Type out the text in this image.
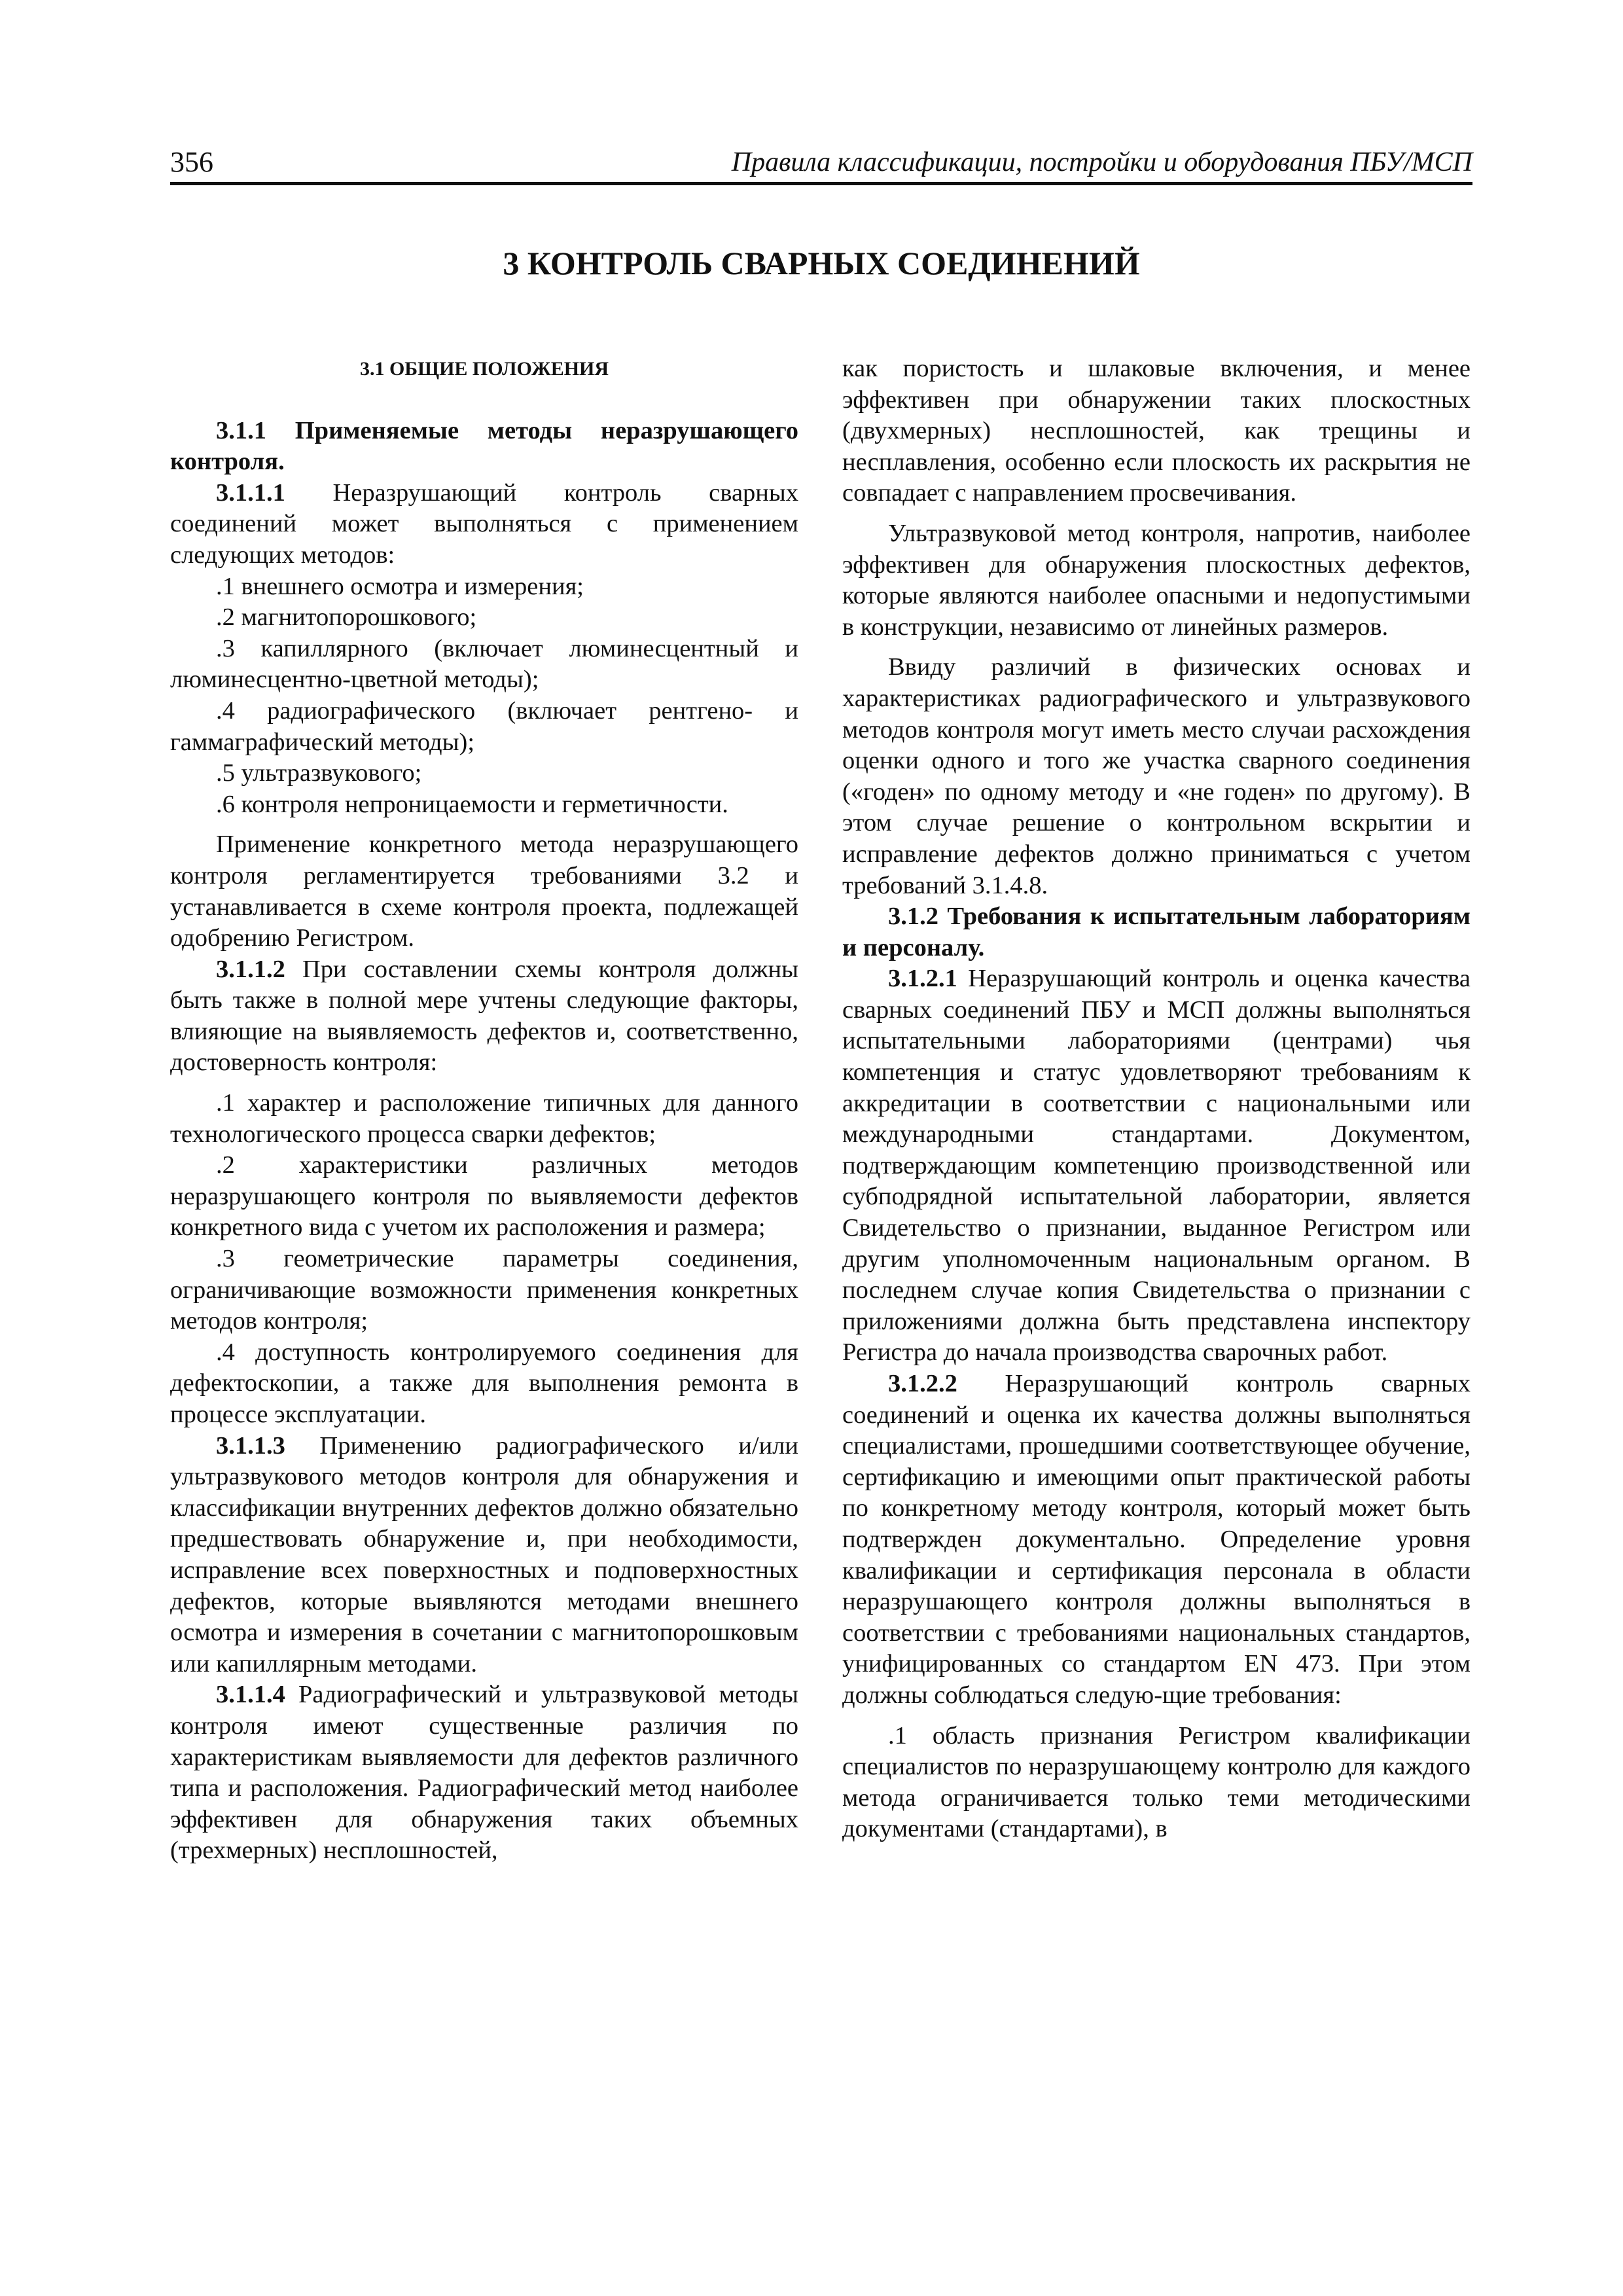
356	Правила классификации, постройки и оборудования ПБУ/МСП
3 КОНТРОЛЬ СВАРНЫХ СОЕДИНЕНИЙ

3.1 ОБЩИЕ ПОЛОЖЕНИЯ

3.1.1 Применяемые методы неразрушающего контроля.

3.1.1.1 Неразрушающий контроль сварных соединений может выполняться с применением следующих методов:

.1 внешнего осмотра и измерения;

.2 магнитопорошкового;

.3 капиллярного (включает люминесцентный и люминесцентно-цветной методы);

.4 радиографического (включает рентгено- и гаммаграфический методы);

.5 ультразвукового;

.6 контроля непроницаемости и герметичности.

Применение конкретного метода неразрушающего контроля регламентируется требованиями 3.2 и устанавливается в схеме контроля проекта, подлежащей одобрению Регистром.

3.1.1.2 При составлении схемы контроля должны быть также в полной мере учтены следующие факторы, влияющие на выявляемость дефектов и, соответственно, достоверность контроля:

.1 характер и расположение типичных для данного технологического процесса сварки дефектов;

.2 характеристики различных методов неразрушающего контроля по выявляемости дефектов конкретного вида с учетом их расположения и размера;

.3 геометрические параметры соединения, ограничивающие возможности применения конкретных методов контроля;

.4 доступность контролируемого соединения для дефектоскопии, а также для выполнения ремонта в процессе эксплуатации.

3.1.1.3 Применению радиографического и/или ультразвукового методов контроля для обнаружения и классификации внутренних дефектов должно обязательно предшествовать обнаружение и, при необходимости, исправление всех поверхностных и подповерхностных дефектов, которые выявляются методами внешнего осмотра и измерения в сочетании с магнитопорошковым или капиллярным методами.

3.1.1.4 Радиографический и ультразвуковой методы контроля имеют существенные различия по характеристикам выявляемости для дефектов различного типа и расположения. Радиографический метод наиболее эффективен для обнаружения таких объемных (трехмерных) несплошностей,

как пористость и шлаковые включения, и менее эффективен при обнаружении таких плоскостных (двухмерных) несплошностей, как трещины и несплавления, особенно если плоскость их раскрытия не совпадает с направлением просвечивания.

Ультразвуковой метод контроля, напротив, наиболее эффективен для обнаружения плоскостных дефектов, которые являются наиболее опасными и недопустимыми в конструкции, независимо от линейных размеров.

Ввиду различий в физических основах и характеристиках радиографического и ультразвукового методов контроля могут иметь место случаи расхождения оценки одного и того же участка сварного соединения («годен» по одному методу и «не годен» по другому). В этом случае решение о контрольном вскрытии и исправление дефектов должно приниматься с учетом требований 3.1.4.8.

3.1.2 Требования к испытательным лабораториям и персоналу.

3.1.2.1 Неразрушающий контроль и оценка качества сварных соединений ПБУ и МСП должны выполняться испытательными лабораториями (центрами) чья компетенция и статус удовлетворяют требованиям к аккредитации в соответствии с национальными или международными стандартами. Документом, подтверждающим компетенцию производственной или субподрядной испытательной лаборатории, является Свидетельство о признании, выданное Регистром или другим уполномоченным национальным органом. В последнем случае копия Свидетельства о признании с приложениями должна быть представлена инспектору Регистра до начала производства сварочных работ.

3.1.2.2 Неразрушающий контроль сварных соединений и оценка их качества должны выполняться специалистами, прошедшими соответствующее обучение, сертификацию и имеющими опыт практической работы по конкретному методу контроля, который может быть подтвержден документально. Определение уровня квалификации и сертификация персонала в области неразрушающего контроля должны выполняться в соответствии с требованиями национальных стандартов, унифицированных со стандартом EN 473. При этом должны соблюдаться следую-щие требования:

.1 область признания Регистром квалификации специалистов по неразрушающему контролю для каждого метода ограничивается только теми методическими документами (стандартами), в
